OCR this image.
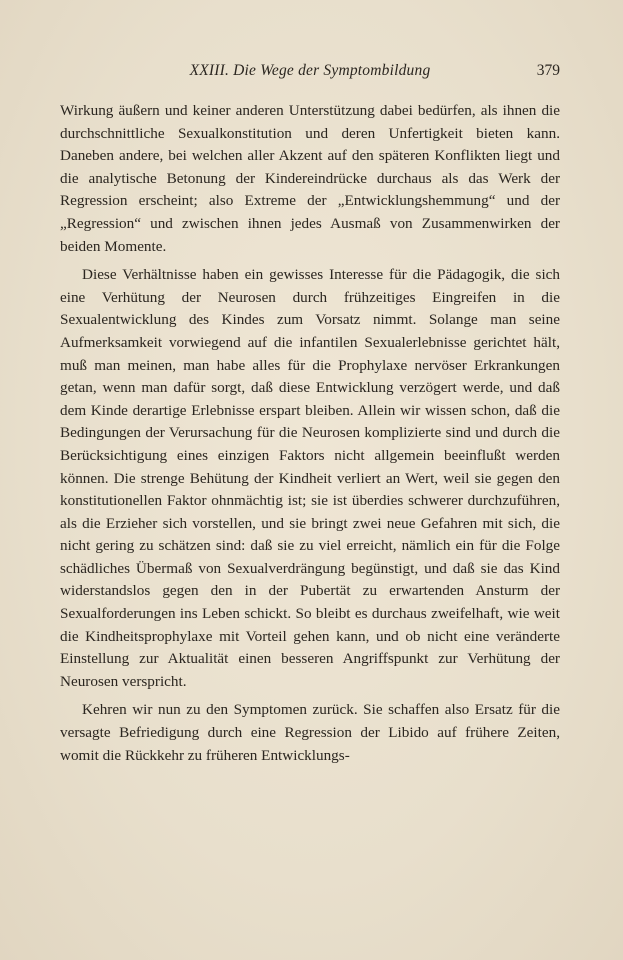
XXIII. Die Wege der Symptombildung	379

Wirkung äußern und keiner anderen Unterstützung dabei bedürfen, als ihnen die durchschnittliche Sexualkonstitution und deren Unfertigkeit bieten kann. Daneben andere, bei welchen aller Akzent auf den späteren Konflikten liegt und die analytische Betonung der Kindereindrücke durchaus als das Werk der Regression erscheint; also Extreme der „Entwicklungshemmung“ und der „Regression“ und zwischen ihnen jedes Ausmaß von Zusammenwirken der beiden Momente.

Diese Verhältnisse haben ein gewisses Interesse für die Pädagogik, die sich eine Verhütung der Neurosen durch frühzeitiges Eingreifen in die Sexualentwicklung des Kindes zum Vorsatz nimmt. Solange man seine Aufmerksamkeit vorwiegend auf die infantilen Sexualerlebnisse gerichtet hält, muß man meinen, man habe alles für die Prophylaxe nervöser Erkrankungen getan, wenn man dafür sorgt, daß diese Entwicklung verzögert werde, und daß dem Kinde derartige Erlebnisse erspart bleiben. Allein wir wissen schon, daß die Bedingungen der Verursachung für die Neurosen komplizierte sind und durch die Berücksichtigung eines einzigen Faktors nicht allgemein beeinflußt werden können. Die strenge Behütung der Kindheit verliert an Wert, weil sie gegen den konstitutionellen Faktor ohnmächtig ist; sie ist überdies schwerer durchzuführen, als die Erzieher sich vorstellen, und sie bringt zwei neue Gefahren mit sich, die nicht gering zu schätzen sind: daß sie zu viel erreicht, nämlich ein für die Folge schädliches Übermaß von Sexualverdrängung begünstigt, und daß sie das Kind widerstandslos gegen den in der Pubertät zu erwartenden Ansturm der Sexualforderungen ins Leben schickt. So bleibt es durchaus zweifelhaft, wie weit die Kindheitsprophylaxe mit Vorteil gehen kann, und ob nicht eine veränderte Einstellung zur Aktualität einen besseren Angriffspunkt zur Verhütung der Neurosen verspricht.

Kehren wir nun zu den Symptomen zurück. Sie schaffen also Ersatz für die versagte Befriedigung durch eine Regression der Libido auf frühere Zeiten, womit die Rückkehr zu früheren Entwicklungs-
